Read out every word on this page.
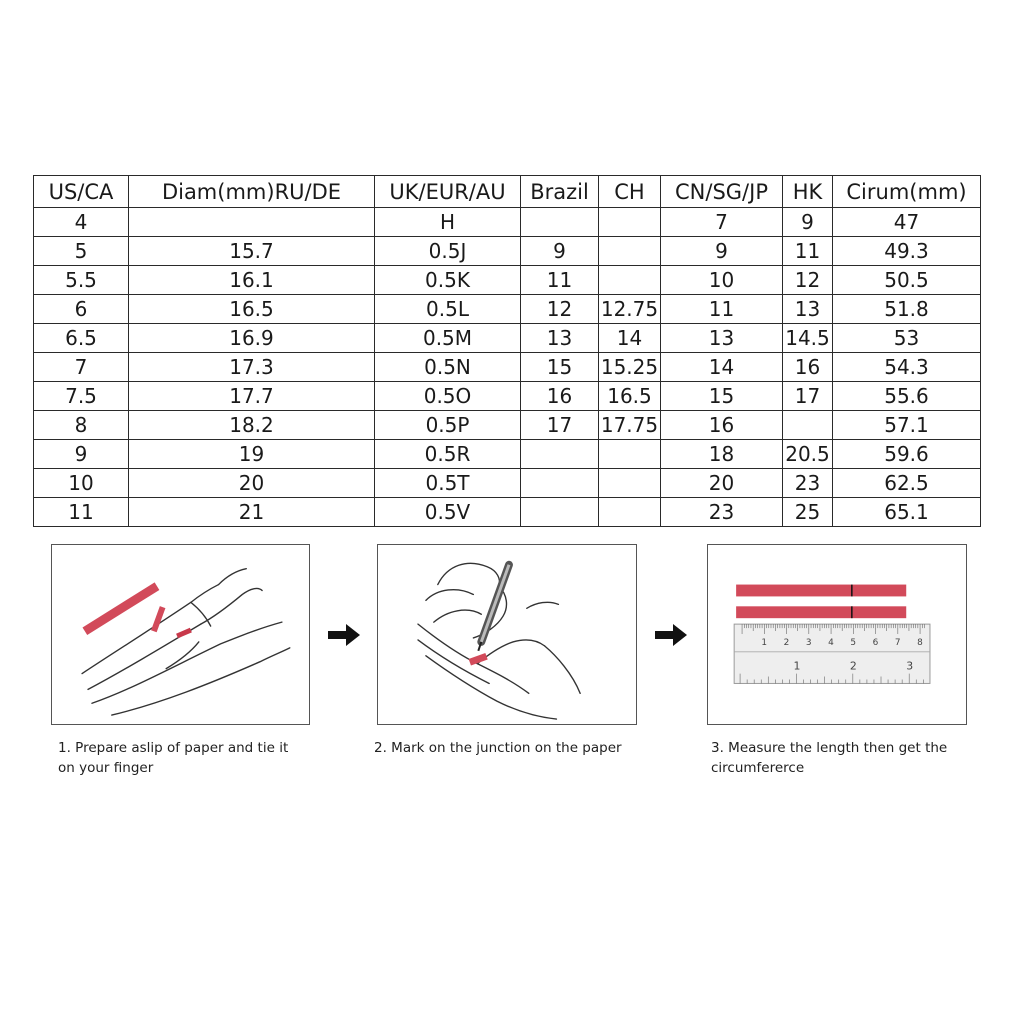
US/CA	Diam(mm)RU/DE	UK/EUR/AU	Brazil	CH	CN/SG/JP	HK	Cirum(mm)
4		H			7	9	47
5	15.7	0.5J	9		9	11	49.3
5.5	16.1	0.5K	11		10	12	50.5
6	16.5	0.5L	12	12.75	11	13	51.8
6.5	16.9	0.5M	13	14	13	14.5	53
7	17.3	0.5N	15	15.25	14	16	54.3
7.5	17.7	0.5O	16	16.5	15	17	55.6
8	18.2	0.5P	17	17.75	16		57.1
9	19	0.5R			18	20.5	59.6
10	20	0.5T			20	23	62.5
11	21	0.5V			23	25	65.1
1 2 3 4 5 6 7 8
1	2	3
1. Prepare aslip of paper and tie it
on your finger
2. Mark on the junction on the paper	3. Measure the length then get the
circumfererce
